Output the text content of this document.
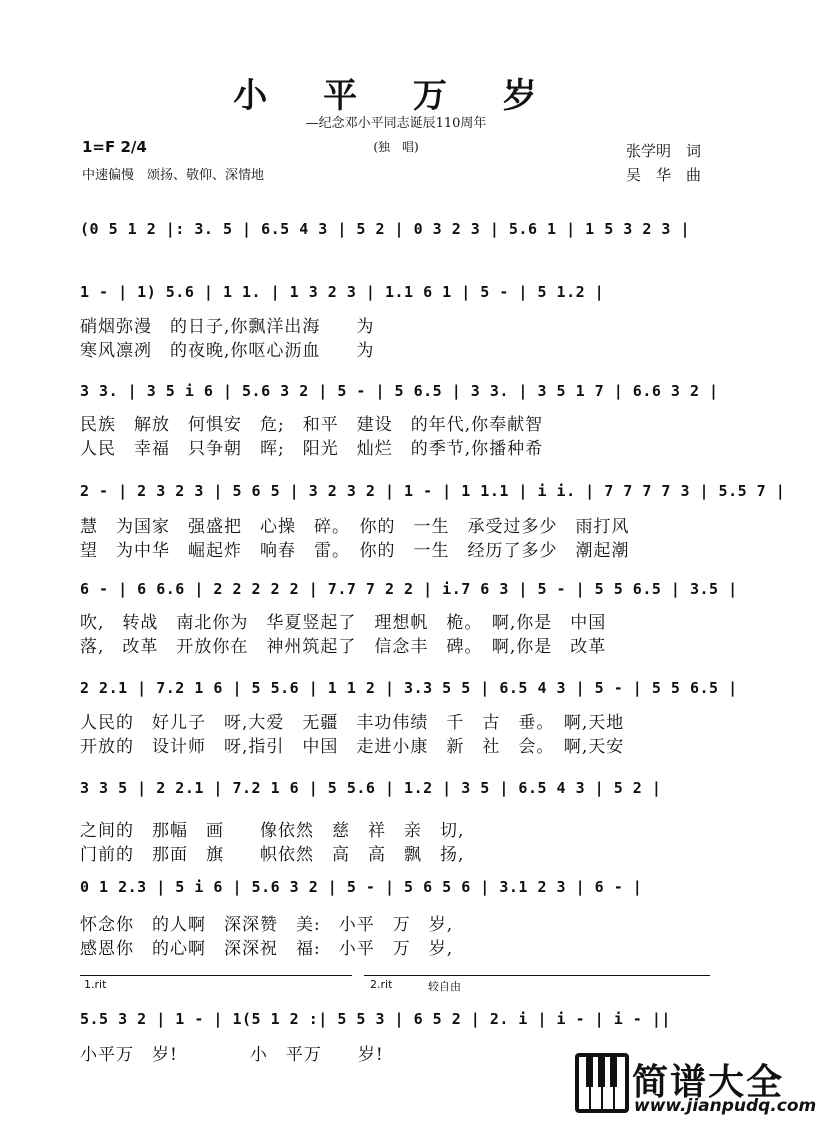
小 平 万 岁
—纪念邓小平同志诞辰110周年
(独　唱)
1=F 2/4
中速偏慢　颂扬、敬仰、深情地
张学明　词
吴　华　曲
(0 5 1 2 |: 3. 5 | 6.5 4 3 | 5 2 | 0 3 2 3 | 5.6 1 | 1 5 3 2 3 |
1 - | 1) 5.6 | 1 1. | 1 3 2 3 | 1.1 6 1 | 5 - | 5 1.2 |
硝烟弥漫　的日子,你飘洋出海　　为
寒风凛冽　的夜晚,你呕心沥血　　为
3 3. | 3 5 i 6 | 5.6 3 2 | 5 - | 5 6.5 | 3 3. | 3 5 1 7 | 6.6 3 2 |
民族　解放　何惧安　危;　和平　建设　的年代,你奉献智
人民　幸福　只争朝　晖;　阳光　灿烂　的季节,你播种希
2 - | 2 3 2 3 | 5 6 5 | 3 2 3 2 | 1 - | 1 1.1 | i i. | 7 7 7 7 3 | 5.5 7 |
慧　为国家　强盛把　心操　碎。　你的　一生　承受过多少　雨打风
望　为中华　崛起炸　响春　雷。　你的　一生　经历了多少　潮起潮
6 - | 6 6.6 | 2 2 2 2 2 | 7.7 7 2 2 | i.7 6 3 | 5 - | 5 5 6.5 | 3.5 |
吹,　转战　南北你为　华夏竖起了　理想帆　桅。　啊,你是　中国
落,　改革　开放你在　神州筑起了　信念丰　碑。　啊,你是　改革
2 2.1 | 7.2 1 6 | 5 5.6 | 1 1 2 | 3.3 5 5 | 6.5 4 3 | 5 - | 5 5 6.5 |
人民的　好儿子　呀,大爱　无疆　丰功伟绩　千　古　垂。　啊,天地
开放的　设计师　呀,指引　中国　走进小康　新　社　会。　啊,天安
3 3 5 | 2 2.1 | 7.2 1 6 | 5 5.6 | 1.2 | 3 5 | 6.5 4 3 | 5 2 |
之间的　那幅　画　　像依然　慈　祥　亲　切,
门前的　那面　旗　　帜依然　高　高　飘　扬,
0 1 2.3 | 5 i 6 | 5.6 3 2 | 5 - | 5 6 5 6 | 3.1 2 3 | 6 - |
怀念你　的人啊　深深赞　美:　小平　万　岁,
感恩你　的心啊　深深祝　福:　小平　万　岁,
5.5 3 2 | 1 - | 1(5 1 2 :| 5 5 3 | 6 5 2 | 2. i | i - | i - ||
小平万　岁!　　　　小　平万　　岁!
1.rit	2.rit	较自由
简谱大全
www.jianpudq.com
